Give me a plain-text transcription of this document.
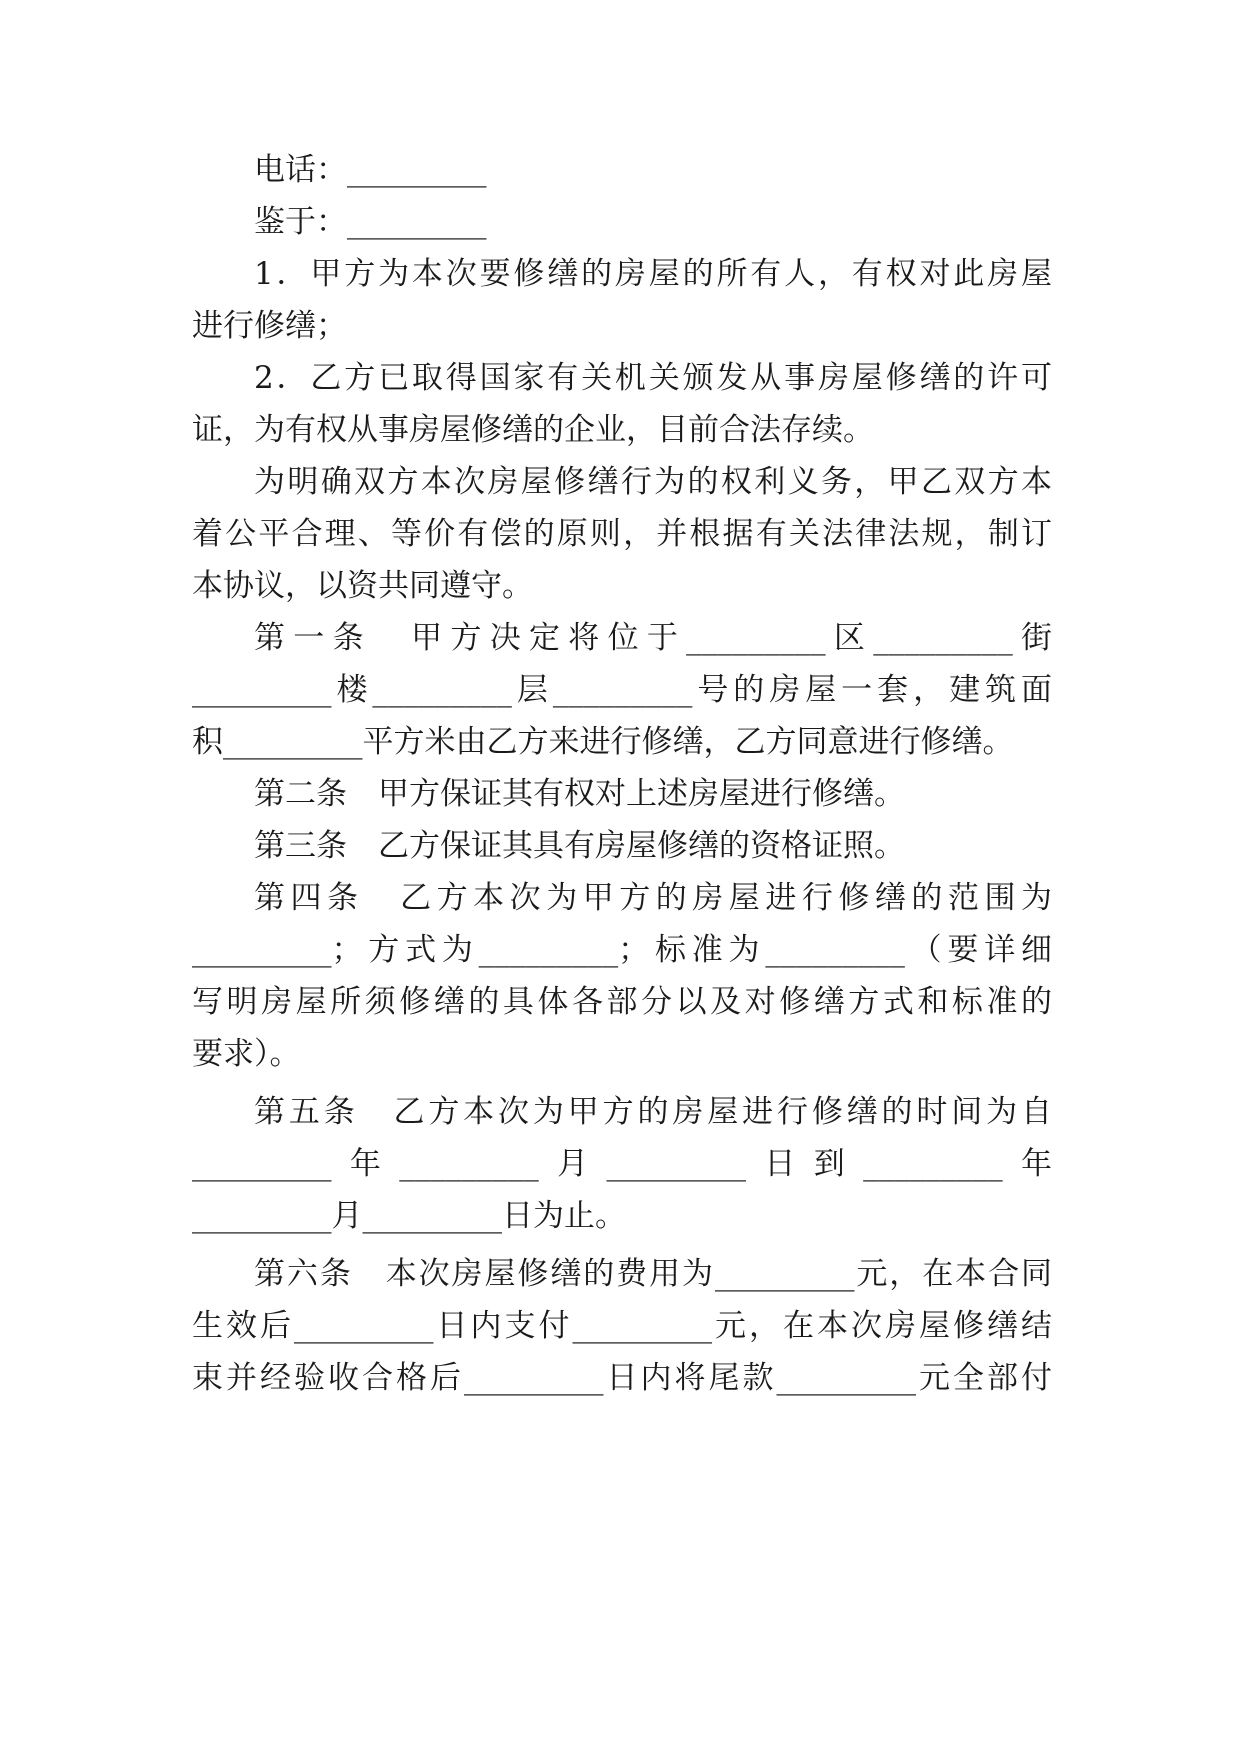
电话：_________
鉴于：_________
1．甲方为本次要修缮的房屋的所有人，有权对此房屋
进行修缮；
2．乙方已取得国家有关机关颁发从事房屋修缮的许可
证，为有权从事房屋修缮的企业，目前合法存续。
为明确双方本次房屋修缮行为的权利义务，甲乙双方本
着公平合理、等价有偿的原则，并根据有关法律法规，制订
本协议，以资共同遵守。
第一条　甲方决定将位于_________区_________街
_________楼_________层_________号的房屋一套，建筑面
积_________平方米由乙方来进行修缮，乙方同意进行修缮。
第二条　甲方保证其有权对上述房屋进行修缮。
第三条　乙方保证其具有房屋修缮的资格证照。
第四条　乙方本次为甲方的房屋进行修缮的范围为
_________；方式为_________；标准为_________（要详细
写明房屋所须修缮的具体各部分以及对修缮方式和标准的
要求）。
第五条　乙方本次为甲方的房屋进行修缮的时间为自
_________年_________月_________日到_________年
_________月_________日为止。
第六条　本次房屋修缮的费用为_________元，在本合同
生效后_________日内支付_________元，在本次房屋修缮结
束并经验收合格后_________日内将尾款_________元全部付
